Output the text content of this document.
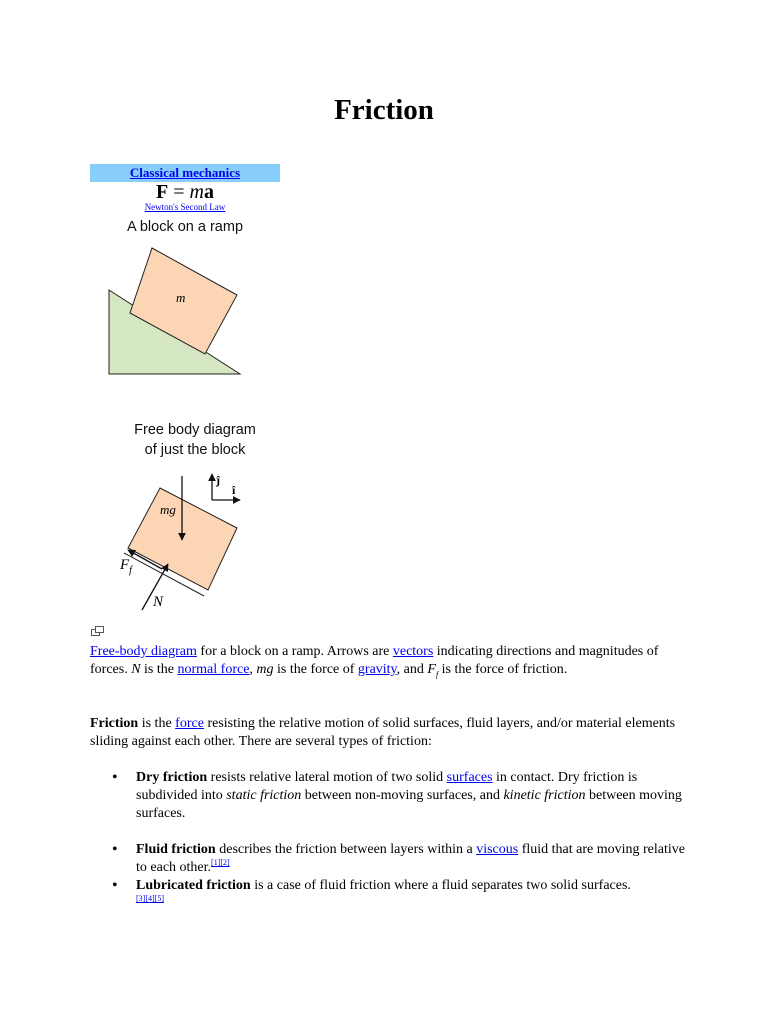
Friction
Classical mechanics
F = ma
Newton's Second Law
A block on a ramp
m
Free body diagram
of just the block
mg
$F_f$
N
ĵ
î

Free-body diagram for a block on a ramp. Arrows are vectors indicating directions and magnitudes of forces. N is the normal force, mg is the force of gravity, and $F_f$ is the force of friction.

Friction is the force resisting the relative motion of solid surfaces, fluid layers, and/or material elements sliding against each other. There are several types of friction:

• Dry friction resists relative lateral motion of two solid surfaces in contact. Dry friction is subdivided into static friction between non-moving surfaces, and kinetic friction between moving surfaces.
• Fluid friction describes the friction between layers within a viscous fluid that are moving relative to each other.[1][2]
• Lubricated friction is a case of fluid friction where a fluid separates two solid surfaces.
[3][4][5]
